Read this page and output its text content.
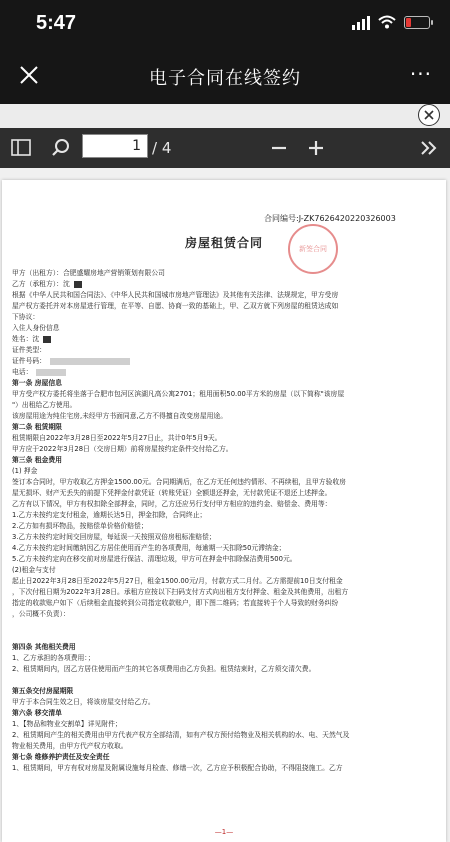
5:47
电子合同在线签约	···
1 / 4
合同编号:J-ZK7626420220326003
新签合同
房屋租赁合同
甲方（出租方）：合肥盛耀房地产营销策划有限公司
乙方（承租方）：沈
根据《中华人民共和国合同法》、《中华人民共和国城市房地产管理法》及其他有关法律、法规规定，甲方受房
屋产权方委托并对本房屋进行管理，在平等、自愿、协商一致的基础上，甲、乙双方就下列房屋的租赁达成如
下协议：
入住人身份信息
姓名：沈
证件类型：
证件号码：
电话：
第一条 房屋信息
甲方受产权方委托将坐落于合肥市包河区滨湖凡高公寓2701；租用面积50.00平方米的房屋（以下简称"该房屋
"）出租给乙方使用。
该房屋用途为纯住宅房,未经甲方书面同意,乙方不得擅自改变房屋用途。
第二条 租赁期限
租赁期限自2022年3月28日至2022年5月27日止，共计0年5月9天。
甲方应于2022年3月28日（交房日期）前将房屋按约定条件交付给乙方。
第三条 租金费用
(1) 押金
签订本合同时，甲方收取乙方押金1500.00元。合同期满后，在乙方无任何违约情形、不再续租，且甲方验收房
屋无损坏、财产无丢失的前提下凭押金付款凭证（转账凭证）全额退还押金，无付款凭证不退还上述押金。
乙方有以下情况，甲方有权扣除全部押金，同时，乙方还应另行支付甲方相应的违约金、赔偿金、费用等：
1.乙方未按约定支付租金，逾期长达5日，押金扣除，合同终止；
2.乙方如有损坏物品，按赔偿单价格价赔偿；
3.乙方未按约定时间交回房屋，每延误一天按照双倍房租标准赔偿；
4.乙方未按约定时间缴纳因乙方居住使用而产生的各项费用，每逾期一天扣除50元滞纳金；
5.乙方未按约定向在移交前对房屋进行保洁、清理垃圾，甲方可在押金中扣除保洁费用500元。
(2)租金与支付
起止日2022年3月28日至2022年5月27日，租金1500.00元/月，付款方式二月付。乙方需提前10日支付租金
，下次付租日期为2022年3月28日。承租方应按以下扫码支付方式向出租方支付押金、租金及其他费用，出租方
指定的收款账户如下（后续租金直接转到公司指定收款账户，即下图二维码；若直接转于个人导致的财务纠纷
，公司概不负责）：

第四条 其他相关费用
1、乙方承担的各项费用：；
2、租赁期间内，因乙方居住使用而产生的其它各项费用由乙方负担。租赁结束时，乙方须交清欠费。

第五条交付房屋期限
甲方于本合同生效之日，将该房屋交付给乙方。
第六条 移交清单
1、【物品和物业交割单】详见附件；
2、租赁期间产生的相关费用由甲方代表产权方全部结清，如有产权方预付给物业及相关机构的水、电、天然气及
物业相关费用，由甲方代产权方收取。
第七条 维修养护责任及安全责任
1、租赁期间，甲方有权对房屋及附属设施每月检查、修缮一次，乙方应予积极配合协助，不得阻挠施工。乙方
—1—
